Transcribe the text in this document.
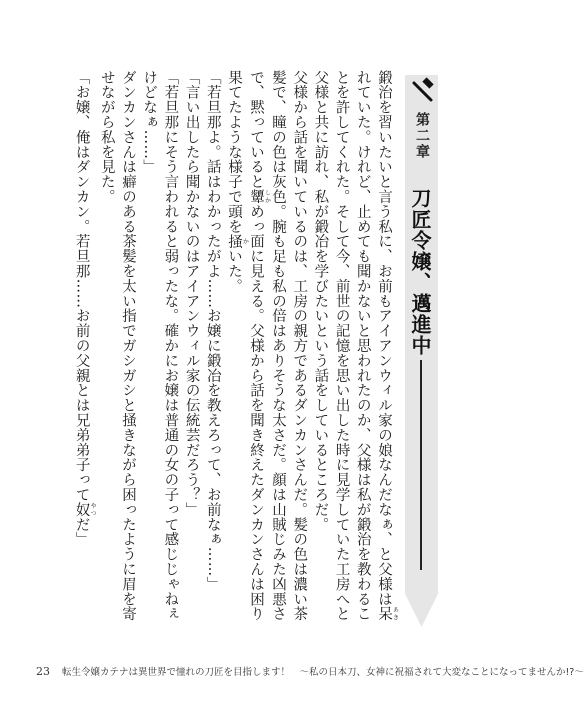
第二章
刀匠令嬢、邁進中

鍛治を習いたいと言う私に、お前もアイアンウィル家の娘なんだなぁ、と父様は呆 あきれていた。けれど、止めても聞かないと思われたのか、父様は私が鍛治を教わることを許してくれた。そして今、前世の記憶を思い出した時に見学していた工房へと父様と共に訪れ、私が鍛冶を学びたいという話をしているところだ。

父様から話を聞いているのは、工房の親方であるダンカンさんだ。髪の色は濃い茶髪で、瞳の色は灰色。腕も足も私の倍はありそうな太さだ。顔は山賊じみた凶悪さで、黙っていると顰 しかめっ面に見える。父様から話を聞き終えたダンカンさんは困り果てたような様子で頭を掻 かいた。

「若旦那よ。話はわかったがよ……お嬢に鍛冶を教えろって、お前なぁ……」

「言い出したら聞かないのはアイアンウィル家の伝統芸だろう？」

「若旦那にそう言われると弱ったな。確かにお嬢は普通の女の子って感じじゃねぇけどなぁ……」

ダンカンさんは癖のある茶髪を太い指でガシガシと掻きながら困ったように眉を寄せながら私を見た。

「お嬢、俺はダンカン。若旦那……お前の父親とは兄弟弟子って奴 やつだ」

23 転生令嬢カテナは異世界で憧れの刀匠を目指します！　〜私の日本刀、女神に祝福されて大変なことになってませんか!?〜
